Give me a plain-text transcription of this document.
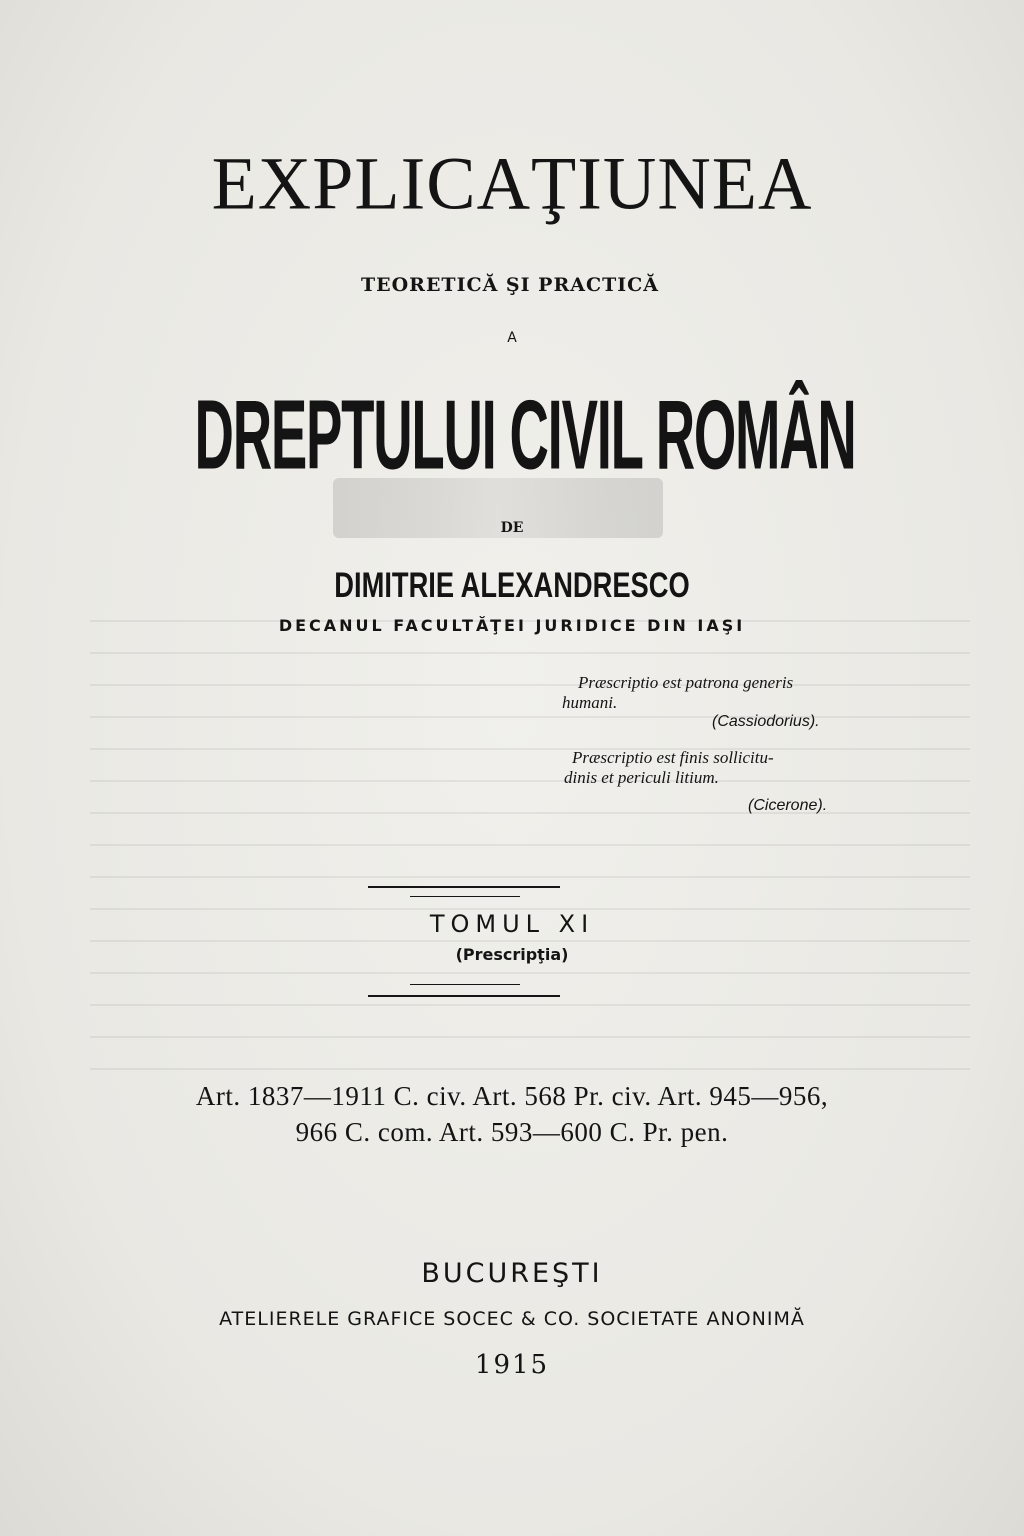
EXPLICAŢIUNEA
TEORETICĂ ŞI PRACTICĂ
A
DREPTULUI CIVIL ROMÂN
DE
DIMITRIE ALEXANDRESCO
DECANUL FACULTĂŢEI JURIDICE DIN IAŞI
Præscriptio est patrona generis
humani.
(Cassiodorius).
Præscriptio est finis sollicitu-
dinis et periculi litium.
(Cicerone).
TOMUL XI
(Prescripţia)
Art. 1837—1911 C. civ. Art. 568 Pr. civ. Art. 945—956,
966 C. com. Art. 593—600 C. Pr. pen.
BUCUREŞTI
ATELIERELE GRAFICE SOCEC & CO. SOCIETATE ANONIMĂ
1915
